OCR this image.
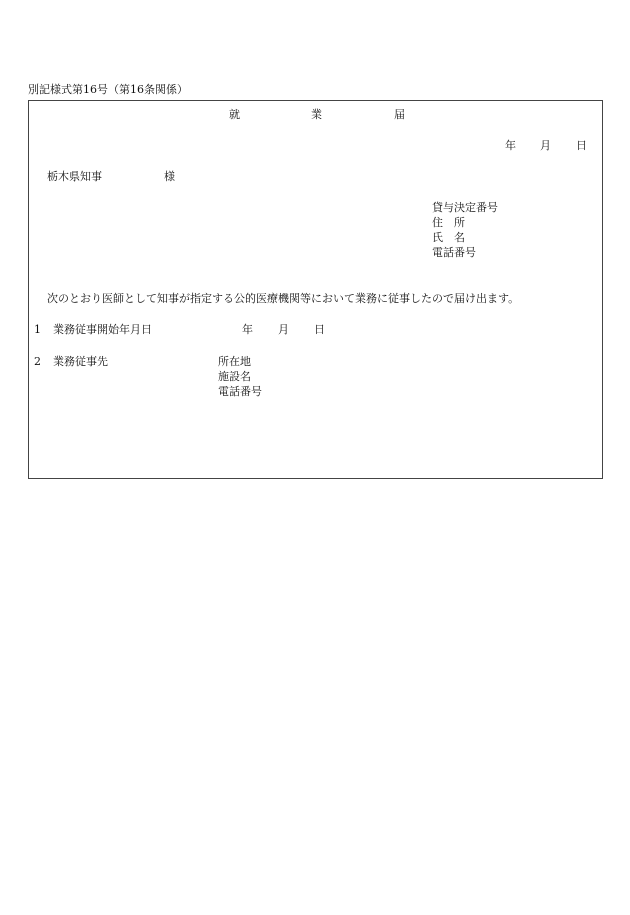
別記様式第16号（第16条関係）
就	業	届
年 月 日
栃木県知事	様
貸与決定番号
住　所
氏　名
電話番号
次のとおり医師として知事が指定する公的医療機関等において業務に従事したので届け出ます。
1 業務従事開始年月日	年 月 日
2 業務従事先	所在地
施設名
電話番号
